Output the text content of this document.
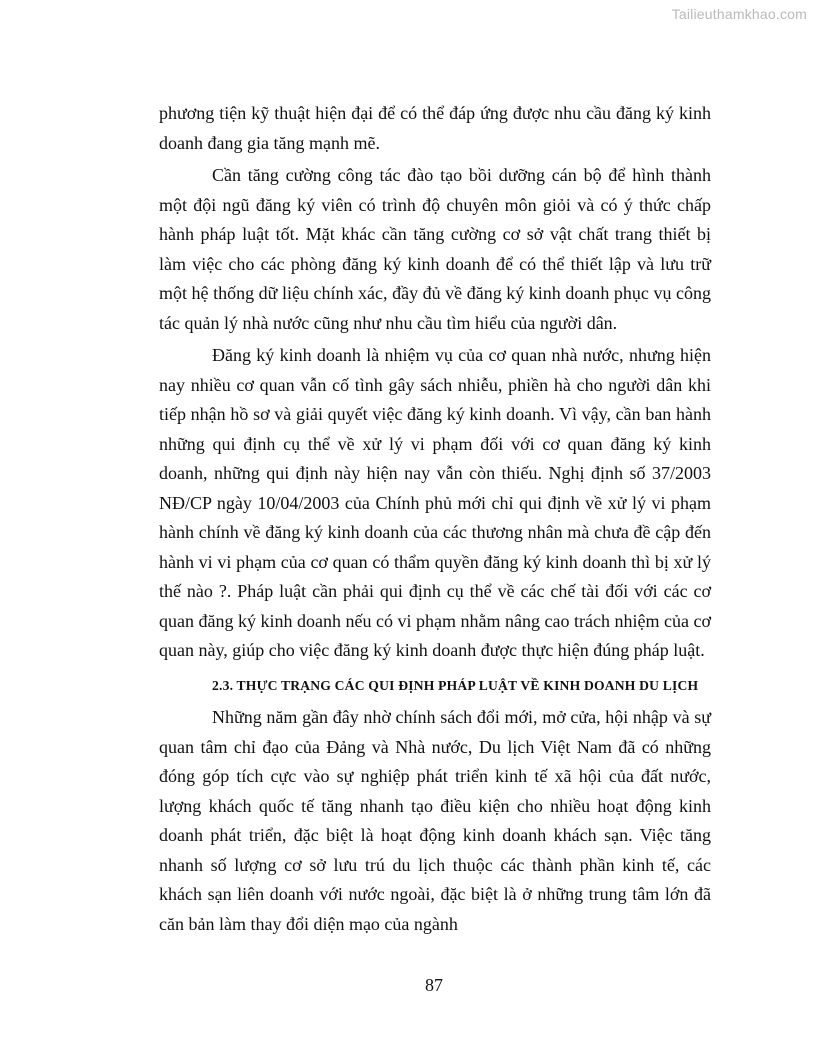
Tailieuthamkhao.com

phương tiện kỹ thuật hiện đại để có thể đáp ứng được nhu cầu đăng ký kinh doanh đang gia tăng mạnh mẽ.

Cần tăng cường công tác đào tạo bồi dưỡng cán bộ để hình thành một đội ngũ đăng ký viên có trình độ chuyên môn giỏi và có ý thức chấp hành pháp luật tốt. Mặt khác cần tăng cường cơ sở vật chất trang thiết bị làm việc cho các phòng đăng ký kinh doanh để có thể thiết lập và lưu trữ một hệ thống dữ liệu chính xác, đầy đủ về đăng ký kinh doanh phục vụ công tác quản lý nhà nước cũng như nhu cầu tìm hiểu của người dân.

Đăng ký kinh doanh là nhiệm vụ của cơ quan nhà nước, nhưng hiện nay nhiều cơ quan vẫn cố tình gây sách nhiễu, phiền hà cho người dân khi tiếp nhận hồ sơ và giải quyết việc đăng ký kinh doanh. Vì vậy, cần ban hành những qui định cụ thể về xử lý vi phạm đối với cơ quan đăng ký kinh doanh, những qui định này hiện nay vẫn còn thiếu. Nghị định số 37/2003 NĐ/CP ngày 10/04/2003 của Chính phủ mới chỉ qui định về xử lý vi phạm hành chính về đăng ký kinh doanh của các thương nhân mà chưa đề cập đến hành vi vi phạm của cơ quan có thẩm quyền đăng ký kinh doanh thì bị xử lý thế nào ?. Pháp luật cần phải qui định cụ thể về các chế tài đối với các cơ quan đăng ký kinh doanh nếu có vi phạm nhằm nâng cao trách nhiệm của cơ quan này, giúp cho việc đăng ký kinh doanh được thực hiện đúng pháp luật.

2.3. THỰC TRẠNG CÁC QUI ĐỊNH PHÁP LUẬT VỀ KINH DOANH DU LỊCH

Những năm gần đây nhờ chính sách đổi mới, mở cửa, hội nhập và sự quan tâm chỉ đạo của Đảng và Nhà nước, Du lịch Việt Nam đã có những đóng góp tích cực vào sự nghiệp phát triển kinh tế xã hội của đất nước, lượng khách quốc tế tăng nhanh tạo điều kiện cho nhiều hoạt động kinh doanh phát triển, đặc biệt là hoạt động kinh doanh khách sạn. Việc tăng nhanh số lượng cơ sở lưu trú du lịch thuộc các thành phần kinh tế, các khách sạn liên doanh với nước ngoài, đặc biệt là ở những trung tâm lớn đã căn bản làm thay đổi diện mạo của ngành

87
